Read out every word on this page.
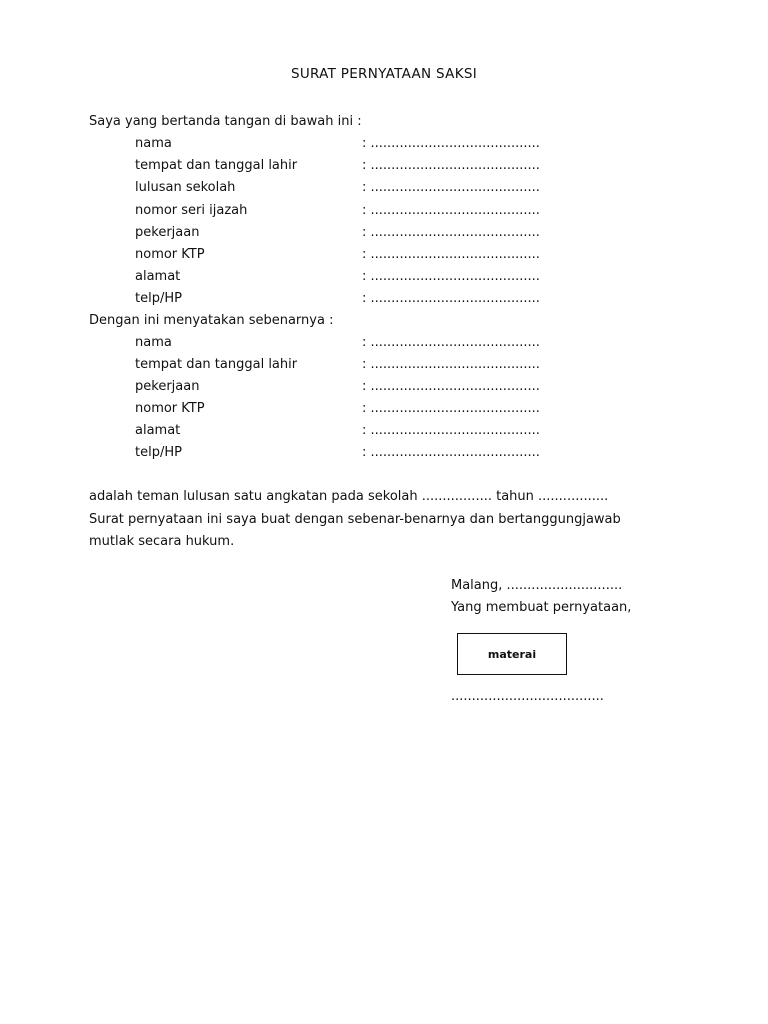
SURAT PERNYATAAN SAKSI
Saya yang bertanda tangan di bawah ini :
nama	: .........................................
tempat dan tanggal lahir	: .........................................
lulusan sekolah	: .........................................
nomor seri ijazah	: .........................................
pekerjaan	: .........................................
nomor KTP	: .........................................
alamat	: .........................................
telp/HP	: .........................................
Dengan ini menyatakan sebenarnya :
nama	: .........................................
tempat dan tanggal lahir	: .........................................
pekerjaan	: .........................................
nomor KTP	: .........................................
alamat	: .........................................
telp/HP	: .........................................
adalah teman lulusan satu angkatan pada sekolah ................. tahun .................
Surat pernyataan ini saya buat dengan sebenar-benarnya dan bertanggungjawab
mutlak secara hukum.
Malang, ............................
Yang membuat pernyataan,
materai
.....................................
